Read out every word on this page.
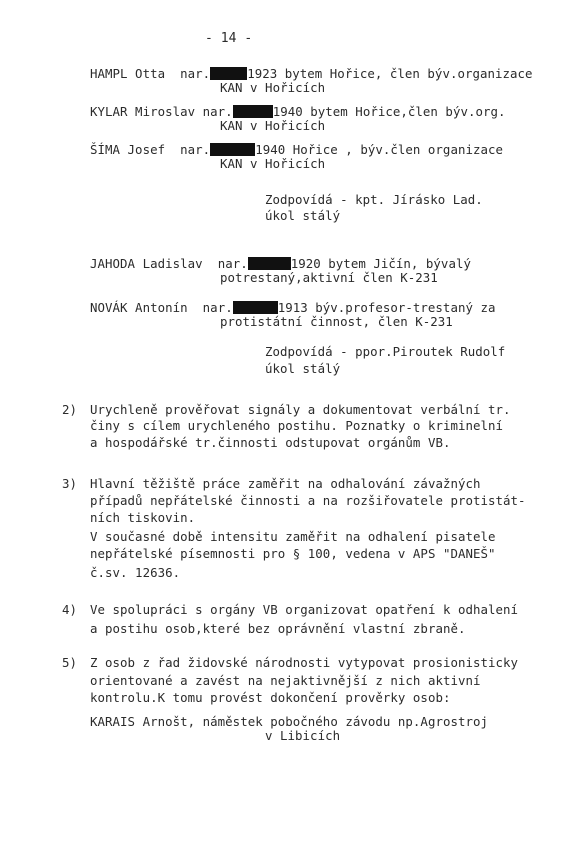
- 14 -
HAMPL Otta nar.	1923 bytem Hořice, člen býv.organizace
KAN v Hořicích
KYLAR Miroslav nar.	1940 bytem Hořice,člen býv.org.
KAN v Hořicích
ŠÍMA Josef nar.	1940 Hořice , býv.člen organizace
KAN v Hořicích
Zodpovídá - kpt. Jírásko Lad.
úkol stálý
JAHODA Ladislav nar.	1920 bytem Jičín, bývalý
potrestaný,aktivní člen K-231
NOVÁK Antonín nar.	1913 býv.profesor-trestaný za
protistátní činnost, člen K-231
Zodpovídá - ppor.Piroutek Rudolf
úkol stálý
2) Urychleně prověřovat signály a dokumentovat verbální tr.
činy s cílem urychleného postihu. Poznatky o kriminelní
a hospodářské tr.činnosti odstupovat orgánům VB.
3) Hlavní těžiště práce zaměřit na odhalování závažných
případů nepřátelské činnosti a na rozšiřovatele protistát-
ních tiskovin.
V současné době intensitu zaměřit na odhalení pisatele
nepřátelské písemnosti pro § 100, vedena v APS "DANEŠ"
č.sv. 12636.
4) Ve spolupráci s orgány VB organizovat opatření k odhalení
a postihu osob,které bez oprávnění vlastní zbraně.
5) Z osob z řad židovské národnosti vytypovat prosionisticky
orientované a zavést na nejaktivnější z nich aktivní
kontrolu.K tomu provést dokončení prověrky osob:
KARAIS Arnošt, náměstek pobočného závodu np.Agrostroj
v Libicích
